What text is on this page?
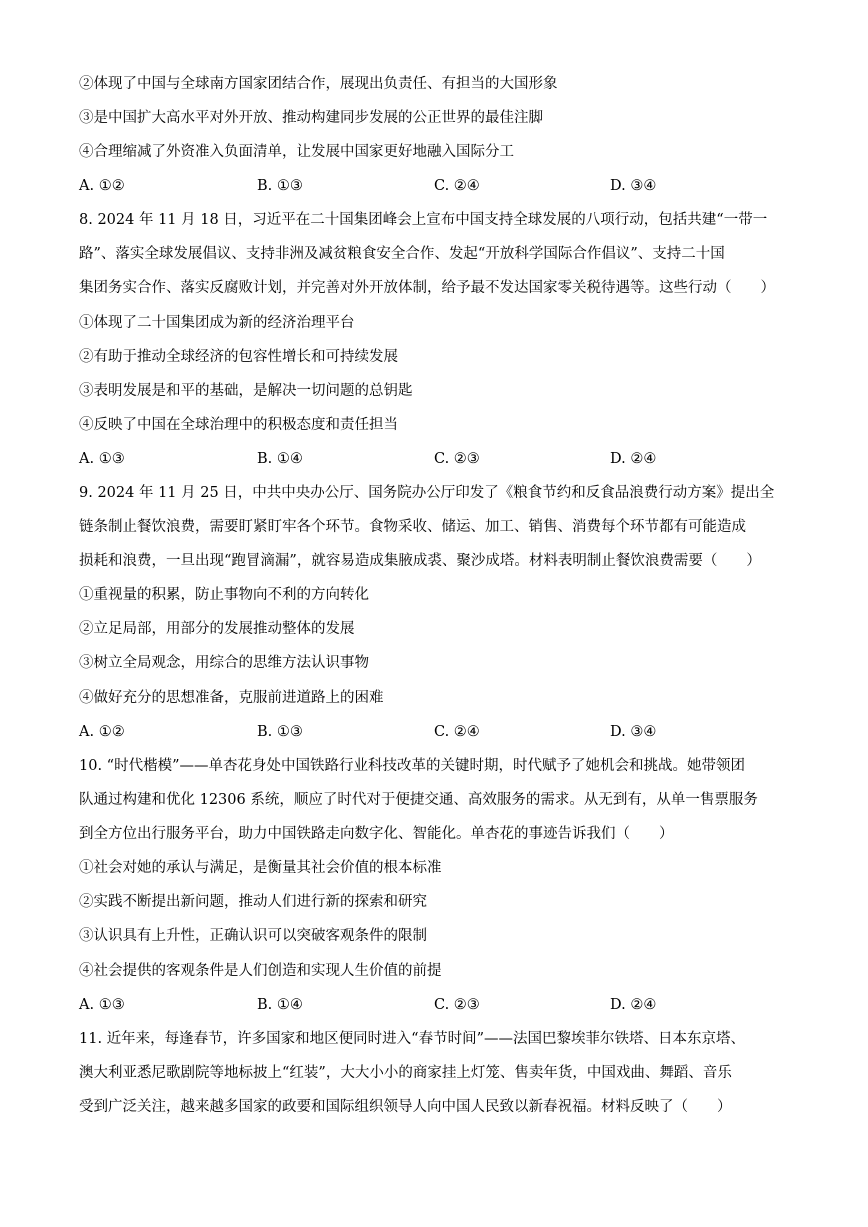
②体现了中国与全球南方国家团结合作，展现出负责任、有担当的大国形象
③是中国扩大高水平对外开放、推动构建同步发展的公正世界的最佳注脚
④合理缩减了外资准入负面清单，让发展中国家更好地融入国际分工
A. ①②	B. ①③	C. ②④	D. ③④
8. 2024 年 11 月 18 日，习近平在二十国集团峰会上宣布中国支持全球发展的八项行动，包括共建“一带一
路”、落实全球发展倡议、支持非洲及减贫粮食安全合作、发起“开放科学国际合作倡议”、支持二十国
集团务实合作、落实反腐败计划，并完善对外开放体制，给予最不发达国家零关税待遇等。这些行动（　　）
①体现了二十国集团成为新的经济治理平台
②有助于推动全球经济的包容性增长和可持续发展
③表明发展是和平的基础，是解决一切问题的总钥匙
④反映了中国在全球治理中的积极态度和责任担当
A. ①③	B. ①④	C. ②③	D. ②④
9. 2024 年 11 月 25 日，中共中央办公厅、国务院办公厅印发了《粮食节约和反食品浪费行动方案》提出全
链条制止餐饮浪费，需要盯紧盯牢各个环节。食物采收、储运、加工、销售、消费每个环节都有可能造成
损耗和浪费，一旦出现“跑冒滴漏”，就容易造成集腋成裘、聚沙成塔。材料表明制止餐饮浪费需要（　　）
①重视量的积累，防止事物向不利的方向转化
②立足局部，用部分的发展推动整体的发展
③树立全局观念，用综合的思维方法认识事物
④做好充分的思想准备，克服前进道路上的困难
A. ①②	B. ①③	C. ②④	D. ③④
10. “时代楷模”——单杏花身处中国铁路行业科技改革的关键时期，时代赋予了她机会和挑战。她带领团
队通过构建和优化 12306 系统，顺应了时代对于便捷交通、高效服务的需求。从无到有，从单一售票服务
到全方位出行服务平台，助力中国铁路走向数字化、智能化。单杏花的事迹告诉我们（　　）
①社会对她的承认与满足，是衡量其社会价值的根本标准
②实践不断提出新问题，推动人们进行新的探索和研究
③认识具有上升性，正确认识可以突破客观条件的限制
④社会提供的客观条件是人们创造和实现人生价值的前提
A. ①③	B. ①④	C. ②③	D. ②④
11. 近年来，每逢春节，许多国家和地区便同时进入“春节时间”——法国巴黎埃菲尔铁塔、日本东京塔、
澳大利亚悉尼歌剧院等地标披上“红装”，大大小小的商家挂上灯笼、售卖年货，中国戏曲、舞蹈、音乐
受到广泛关注，越来越多国家的政要和国际组织领导人向中国人民致以新春祝福。材料反映了（　　）
